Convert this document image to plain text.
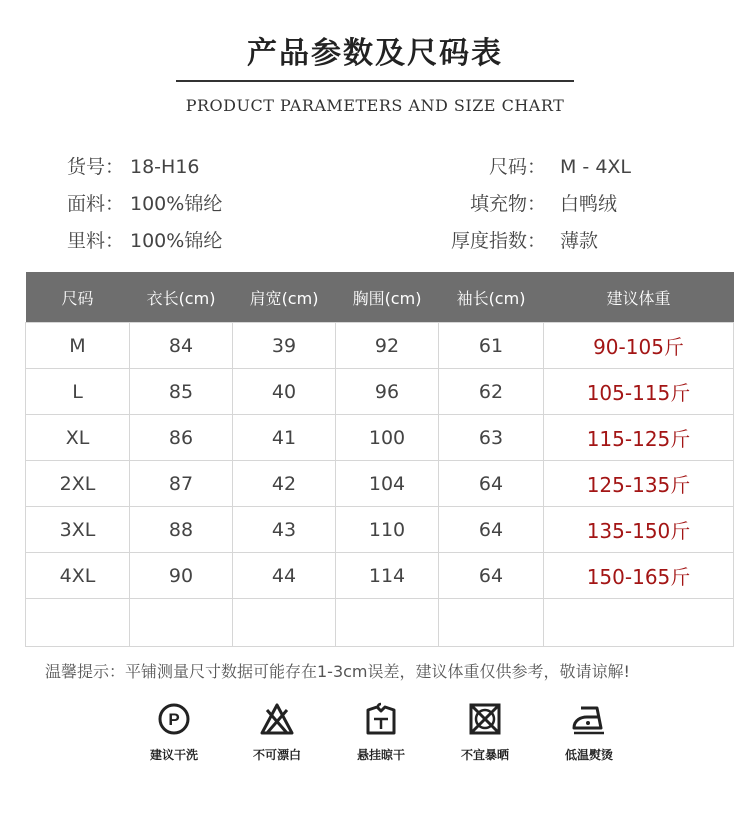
产品参数及尺码表
PRODUCT PARAMETERS AND SIZE CHART
货号： 18-H16
面料： 100%锦纶
里料： 100%锦纶
尺码： M - 4XL
填充物： 白鸭绒
厚度指数： 薄款
尺码	衣长(cm)	肩宽(cm)	胸围(cm)	袖长(cm)	建议体重
M	84	39	92	61	90-105斤
L	85	40	96	62	105-115斤
XL	86	41	100	63	115-125斤
2XL	87	42	104	64	125-135斤
3XL	88	43	110	64	135-150斤
4XL	90	44	114	64	150-165斤

温馨提示：平铺测量尺寸数据可能存在1-3cm误差，建议体重仅供参考，敬请谅解!
P
建议干洗	不可漂白	悬挂晾干	不宜暴晒	低温熨烫
